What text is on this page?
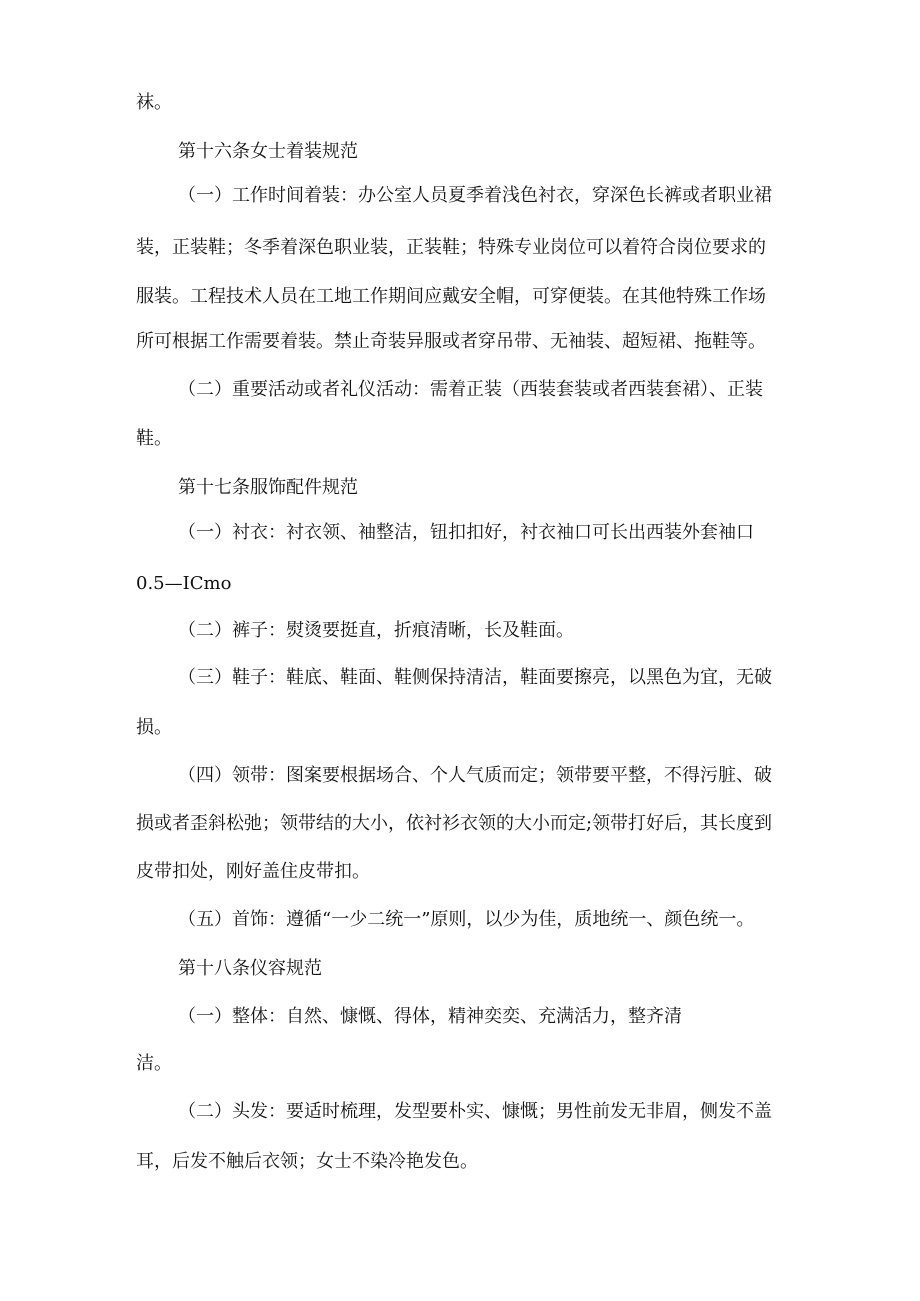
袜。
第十六条女士着装规范
（一）工作时间着装：办公室人员夏季着浅色衬衣，穿深色长裤或者职业裙
装，正装鞋；冬季着深色职业装，正装鞋；特殊专业岗位可以着符合岗位要求的
服装。工程技术人员在工地工作期间应戴安全帽，可穿便装。在其他特殊工作场
所可根据工作需要着装。禁止奇装异服或者穿吊带、无袖装、超短裙、拖鞋等。
（二）重要活动或者礼仪活动：需着正装（西装套装或者西装套裙）、正装
鞋。
第十七条服饰配件规范
（一）衬衣：衬衣领、袖整洁，钮扣扣好，衬衣袖口可长出西装外套袖口
0.5—ICmo
（二）裤子：熨烫要挺直，折痕清晰，长及鞋面。
（三）鞋子：鞋底、鞋面、鞋侧保持清洁，鞋面要擦亮，以黑色为宜，无破
损。
（四）领带：图案要根据场合、个人气质而定；领带要平整，不得污脏、破
损或者歪斜松弛；领带结的大小，依衬衫衣领的大小而定;领带打好后，其长度到
皮带扣处，刚好盖住皮带扣。
（五）首饰：遵循“一少二统一”原则，以少为佳，质地统一、颜色统一。
第十八条仪容规范
（一）整体：自然、慷慨、得体，精神奕奕、充满活力，整齐清
洁。
（二）头发：要适时梳理，发型要朴实、慷慨；男性前发无非眉，侧发不盖
耳，后发不触后衣领；女士不染冷艳发色。
